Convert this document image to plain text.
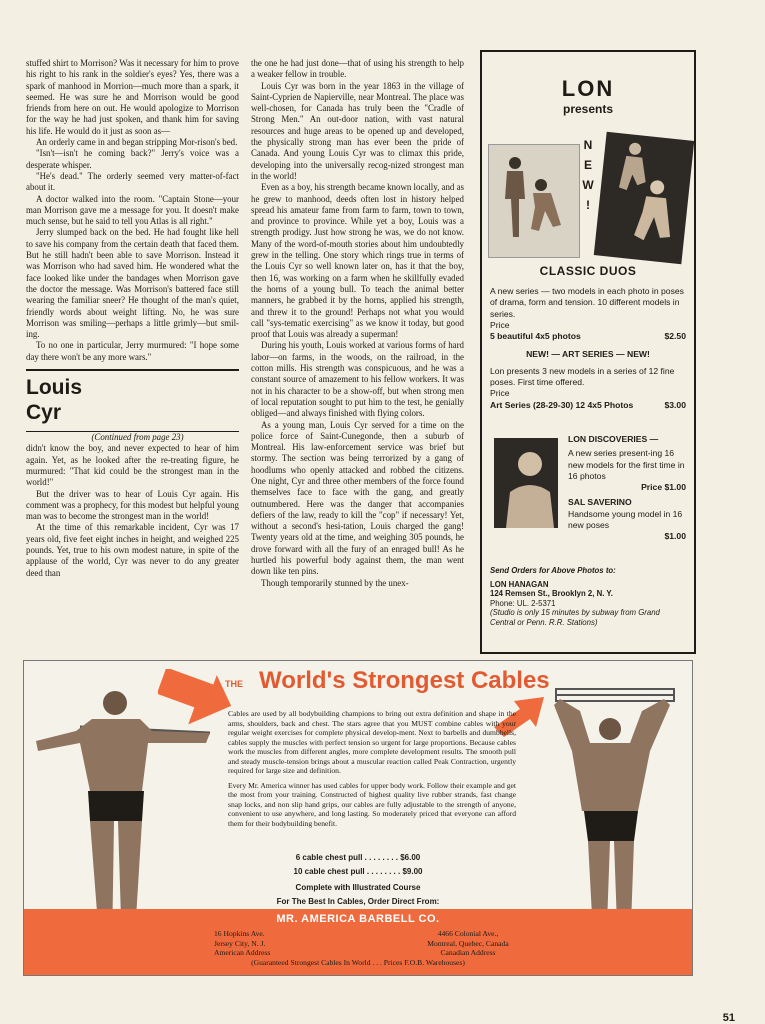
stuffed shirt to Morrison? Was it necessary for him to prove his right to his rank in the soldier's eyes? Yes, there was a spark of manhood in Morrion—much more than a spark, it seemed. He was sure he and Morrison would be good friends from here on out. He would apologize to Morrison for the way he had just spoken, and thank him for saving his life. He would do it just as soon as—

An orderly came in and began stripping Mor-rison's bed.

"Isn't—isn't he coming back?" Jerry's voice was a desperate whisper.

"He's dead." The orderly seemed very matter-of-fact about it.

A doctor walked into the room. "Captain Stone—your man Morrison gave me a message for you. It doesn't make much sense, but he said to tell you Atlas is all right."

Jerry slumped back on the bed. He had fought like hell to save his company from the certain death that faced them. But he still hadn't been able to save Morrison. Instead it was Morrison who had saved him. He wondered what the face looked like under the bandages when Morrison gave the doctor the message. Was Morrison's battered face still wearing the familiar sneer? He thought of the man's quiet, friendly words about weight lifting. No, he was sure Morrison was smiling—perhaps a little grimly—but smil-ing.

To no one in particular, Jerry murmured: "I hope some day there won't be any more wars."

Louis
Cyr

(Continued from page 23)

didn't know the boy, and never expected to hear of him again. Yet, as he looked after the re-treating figure, he murmured: "That kid could be the strongest man in the world!"

But the driver was to hear of Louis Cyr again. His comment was a prophecy, for this modest but helpful young man was to become the strongest man in the world!

At the time of this remarkable incident, Cyr was 17 years old, five feet eight inches in height, and weighed 225 pounds. Yet, true to his own modest nature, in spite of the applause of the world, Cyr was never to do any greater deed than

the one he had just done—that of using his strength to help a weaker fellow in trouble.

Louis Cyr was born in the year 1863 in the village of Saint-Cyprien de Napierville, near Montreal. The place was well-chosen, for Canada has truly been the "Cradle of Strong Men." An out-door nation, with vast natural resources and huge areas to be opened up and developed, the physically strong man has ever been the pride of Canada. And young Louis Cyr was to climax this pride, developing into the universally recog-nized strongest man in the world!

Even as a boy, his strength became known locally, and as he grew to manhood, deeds often lost in history helped spread his amateur fame from farm to farm, town to town, and province to province. While yet a boy, Louis was a strength prodigy. Just how strong he was, we do not know. Many of the word-of-mouth stories about him undoubtedly grew in the telling. One story which rings true in terms of the Louis Cyr so well known later on, has it that the boy, then 16, was working on a farm when he skillfully evaded the horns of a young bull. To teach the animal better manners, he grabbed it by the horns, applied his strength, and threw it to the ground! Perhaps not what you would call "sys-tematic exercising" as we know it today, but good proof that Louis was already a superman!

During his youth, Louis worked at various forms of hard labor—on farms, in the woods, on the railroad, in the cotton mills. His strength was conspicuous, and he was a constant source of amazement to his fellow workers. It was not in his character to be a show-off, but when strong men of local reputation sought to put him to the test, he genially obliged—and always finished with flying colors.

As a young man, Louis Cyr served for a time on the police force of Saint-Cunegonde, then a suburb of Montreal. His law-enforcement service was brief but stormy. The section was being terrorized by a gang of hoodlums who openly attacked and robbed the citizens. One night, Cyr and three other members of the force found themselves face to face with the gang, and greatly outnumbered. Here was the danger that accompanies defiers of the law, ready to kill the "cop" if necessary! Yet, without a second's hesi-tation, Louis charged the gang! Twenty years old at the time, and weighing 305 pounds, he drove forward with all the fury of an enraged bull! As he hurtled his powerful body against them, the man went down like ten pins.

Though temporarily stunned by the unex-

LON
presents
N
E
W
!
CLASSIC DUOS

A new series — two models in each photo in poses of drama, form and tension. 10 different models in series.

Price

5 beautiful 4x5 photos	$2.50

NEW! — ART SERIES — NEW!

Lon presents 3 new models in a series of 12 fine poses. First time offered.

Price

Art Series (28-29-30) 12 4x5 Photos	$3.00

LON DISCOVERIES —

A new series present-ing 16 new models for the first time in 16 photos

Price $1.00

SAL SAVERINO

Handsome young model in 16 new poses

$1.00

Send Orders for Above Photos to:

LON HANAGAN

124 Remsen St., Brooklyn 2, N. Y.

Phone: UL. 2-5371

(Studio is only 15 minutes by subway from Grand Central or Penn. R.R. Stations)

THE World's Strongest Cables

Cables are used by all bodybuilding champions to bring out extra definition and shape in the arms, shoulders, back and chest. The stars agree that you MUST combine cables with your regular weight exercises for complete physical develop-ment. Next to barbells and dumbbells, cables supply the muscles with perfect tension so urgent for large proportions. Because cables work the muscles from different angles, more complete development results. The smooth pull and steady muscle-tension brings about a muscular reaction called Peak Contraction, urgently required for large size and definition.

Every Mr. America winner has used cables for upper body work. Follow their example and get the most from your training. Constructed of highest quality live rubber strands, fast change snap locks, and non slip hand grips, our cables are fully adjustable to the strength of anyone, convenient to use anywhere, and long lasting. So moderately priced that everyone can afford them for their bodybuilding benefit.

6 cable chest pull . . . . . . . . $6.00
10 cable chest pull . . . . . . . . $9.00
Complete with Illustrated Course
For The Best In Cables, Order Direct From:
MR. AMERICA BARBELL CO.
16 Hopkins Ave.
Jersey City, N. J.
American Address
4466 Colonial Ave.,
Montreal, Quebec, Canada
Canadian Address
(Guaranteed Strongest Cables In World . . . Prices F.O.B. Warehouses)
51
